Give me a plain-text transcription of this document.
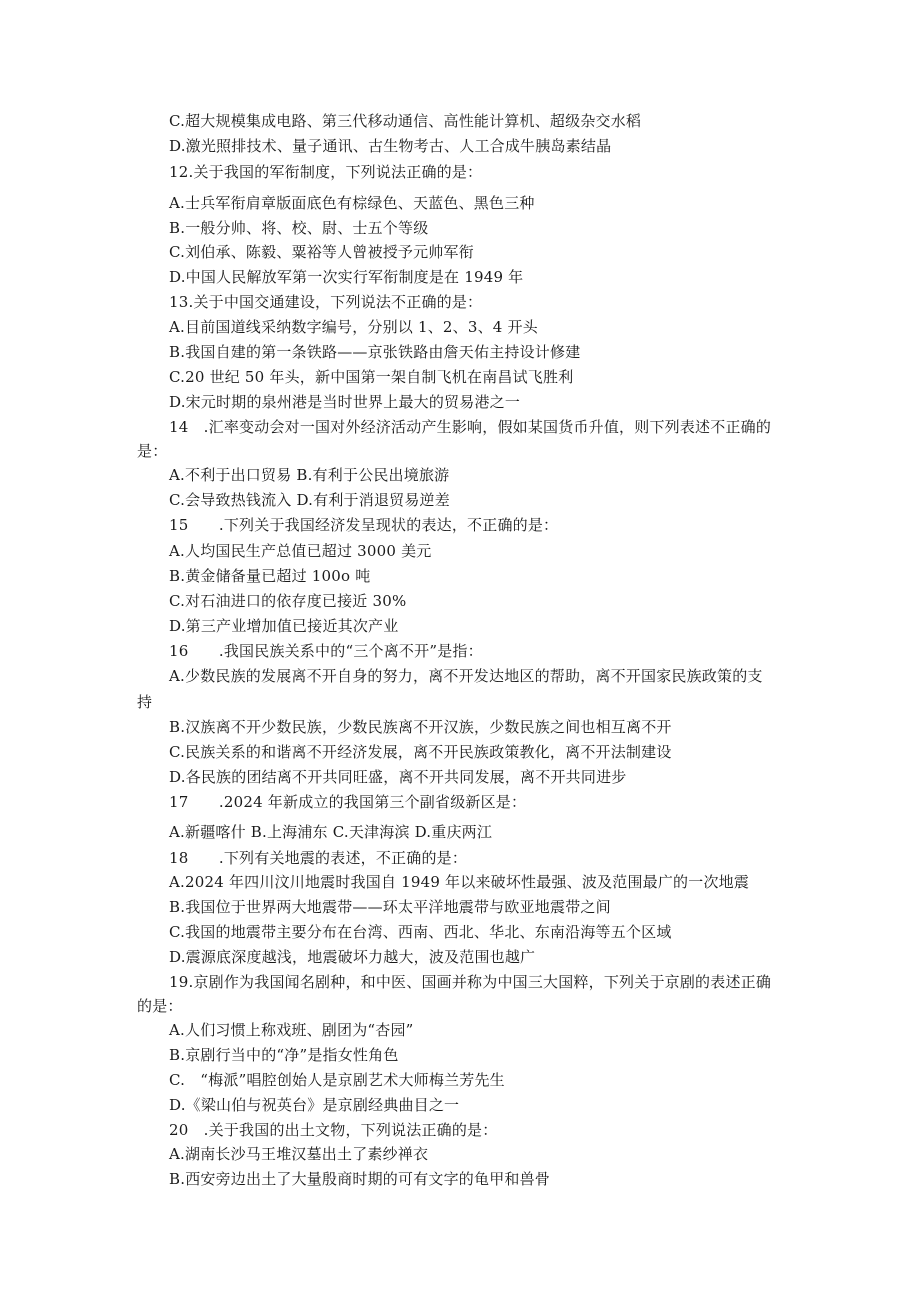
C.超大规模集成电路、第三代移动通信、高性能计算机、超级杂交水稻
D.激光照排技术、量子通讯、古生物考古、人工合成牛胰岛素结晶
12.关于我国的军衔制度，下列说法正确的是：
A.士兵军衔肩章版面底色有棕绿色、天蓝色、黑色三种
B.一般分帅、将、校、尉、士五个等级
C.刘伯承、陈毅、粟裕等人曾被授予元帅军衔
D.中国人民解放军第一次实行军衔制度是在 1949 年
13.关于中国交通建设，下列说法不正确的是：
A.目前国道线采纳数字编号，分别以 1、2、3、4 开头
B.我国自建的第一条铁路——京张铁路由詹天佑主持设计修建
C.20 世纪 50 年头，新中国第一架自制飞机在南昌试飞胜利
D.宋元时期的泉州港是当时世界上最大的贸易港之一
14　.汇率变动会对一国对外经济活动产生影响，假如某国货币升值，则下列表述不正确的
是：
A.不利于出口贸易 B.有利于公民出境旅游
C.会导致热钱流入 D.有利于消退贸易逆差
15　　.下列关于我国经济发呈现状的表达，不正确的是：
A.人均国民生产总值已超过 3000 美元
B.黄金储备量已超过 100o 吨
C.对石油进口的依存度已接近 30%
D.第三产业增加值已接近其次产业
16　　.我国民族关系中的“三个离不开”是指：
A.少数民族的发展离不开自身的努力，离不开发达地区的帮助，离不开国家民族政策的支
持
B.汉族离不开少数民族，少数民族离不开汉族，少数民族之间也相互离不开
C.民族关系的和谐离不开经济发展，离不开民族政策教化，离不开法制建设
D.各民族的团结离不开共同旺盛，离不开共同发展，离不开共同进步
17　　.2024 年新成立的我国第三个副省级新区是：
A.新疆喀什 B.上海浦东 C.天津海滨 D.重庆两江
18　　.下列有关地震的表述，不正确的是：
A.2024 年四川汶川地震时我国自 1949 年以来破坏性最强、波及范围最广的一次地震
B.我国位于世界两大地震带——环太平洋地震带与欧亚地震带之间
C.我国的地震带主要分布在台湾、西南、西北、华北、东南沿海等五个区域
D.震源底深度越浅，地震破坏力越大，波及范围也越广
19.京剧作为我国闻名剧种，和中医、国画并称为中国三大国粹，下列关于京剧的表述正确
的是：
A.人们习惯上称戏班、剧团为“杏园”
B.京剧行当中的“净”是指女性角色
C.　“梅派”唱腔创始人是京剧艺术大师梅兰芳先生
D.《梁山伯与祝英台》是京剧经典曲目之一
20　.关于我国的出土文物，下列说法正确的是：
A.湖南长沙马王堆汉墓出土了素纱禅衣
B.西安旁边出土了大量殷商时期的可有文字的龟甲和兽骨
